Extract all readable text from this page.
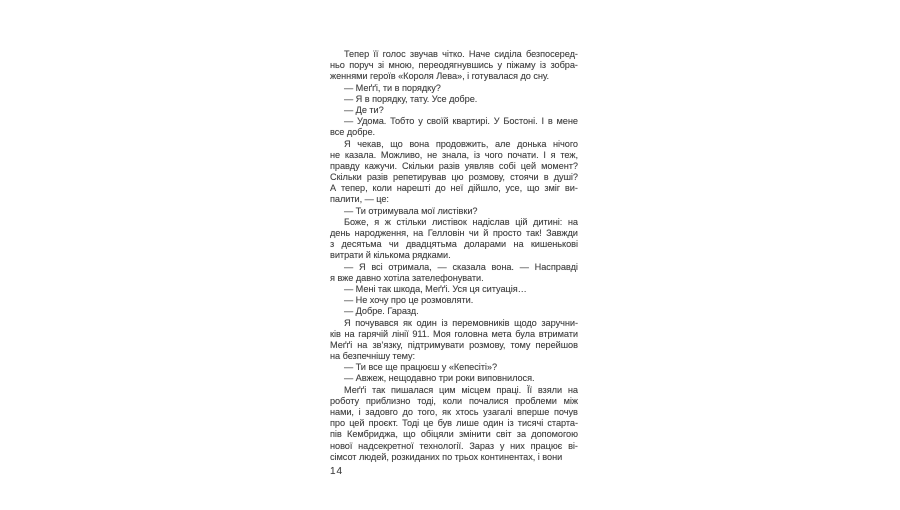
Тепер її голос звучав чітко. Наче сиділа безпосеред-
ньо поруч зі мною, переодягнувшись у піжаму із зобра-
женнями героїв «Короля Лева», і готувалася до сну.
— Меґґі, ти в порядку?
— Я в порядку, тату. Усе добре.
— Де ти?
— Удома. Тобто у своїй квартирі. У Бостоні. І в мене
все добре.
Я чекав, що вона продовжить, але донька нічого
не казала. Можливо, не знала, із чого почати. І я теж,
правду кажучи. Скільки разів уявляв собі цей момент?
Скільки разів репетирував цю розмову, стоячи в душі?
А тепер, коли нарешті до неї дійшло, усе, що зміг ви-
палити, — це:
— Ти отримувала мої листівки?
Боже, я ж стільки листівок надіслав цій дитині: на
день народження, на Гелловін чи й просто так! Завжди
з десятьма чи двадцятьма доларами на кишенькові
витрати й кількома рядками.
— Я всі отримала, — сказала вона. — Насправді
я вже давно хотіла зателефонувати.
— Мені так шкода, Меґґі. Уся ця ситуація…
— Не хочу про це розмовляти.
— Добре. Гаразд.
Я почувався як один із перемовників щодо заручни-
ків на гарячій лінії 911. Моя головна мета була втримати
Меґґі на зв’язку, підтримувати розмову, тому перейшов
на безпечнішу тему:
— Ти все ще працюєш у «Кепесіті»?
— Авжеж, нещодавно три роки виповнилося.
Меґґі так пишалася цим місцем праці. Її взяли на
роботу приблизно тоді, коли почалися проблеми між
нами, і задовго до того, як хтось узагалі вперше почув
про цей проєкт. Тоді це був лише один із тисячі старта-
пів Кембриджа, що обіцяли змінити світ за допомогою
нової надсекретної технології. Зараз у них працює ві-
сімсот людей, розкиданих по трьох континентах, і вони
14
